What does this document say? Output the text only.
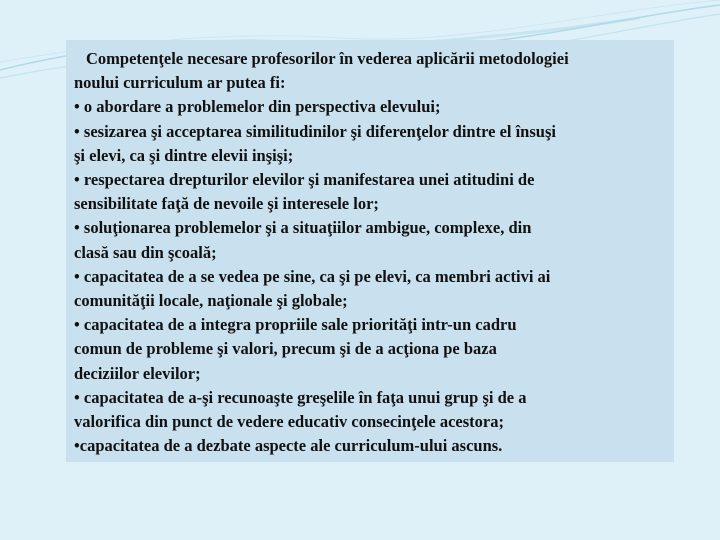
Competenţele necesare profesorilor în vederea aplicării metodologiei
noului curriculum ar putea fi:
• o abordare a problemelor din perspectiva elevului;
• sesizarea şi acceptarea similitudinilor şi diferenţelor dintre el însuşi
şi elevi, ca şi dintre elevii inşişi;
• respectarea drepturilor elevilor şi manifestarea unei atitudini de
sensibilitate faţă de nevoile şi interesele lor;
• soluţionarea problemelor şi a situaţiilor ambigue, complexe, din
clasă sau din şcoală;
• capacitatea de a se vedea pe sine, ca şi pe elevi, ca membri activi ai
comunităţii locale, naţionale şi globale;
• capacitatea de a integra propriile sale priorităţi intr-un cadru
comun de probleme şi valori, precum şi de a acţiona pe baza
deciziilor elevilor;
• capacitatea de a-şi recunoaşte greşelile în faţa unui grup şi de a
valorifica din punct de vedere educativ consecinţele acestora;
•capacitatea de a dezbate aspecte ale curriculum-ului ascuns.
